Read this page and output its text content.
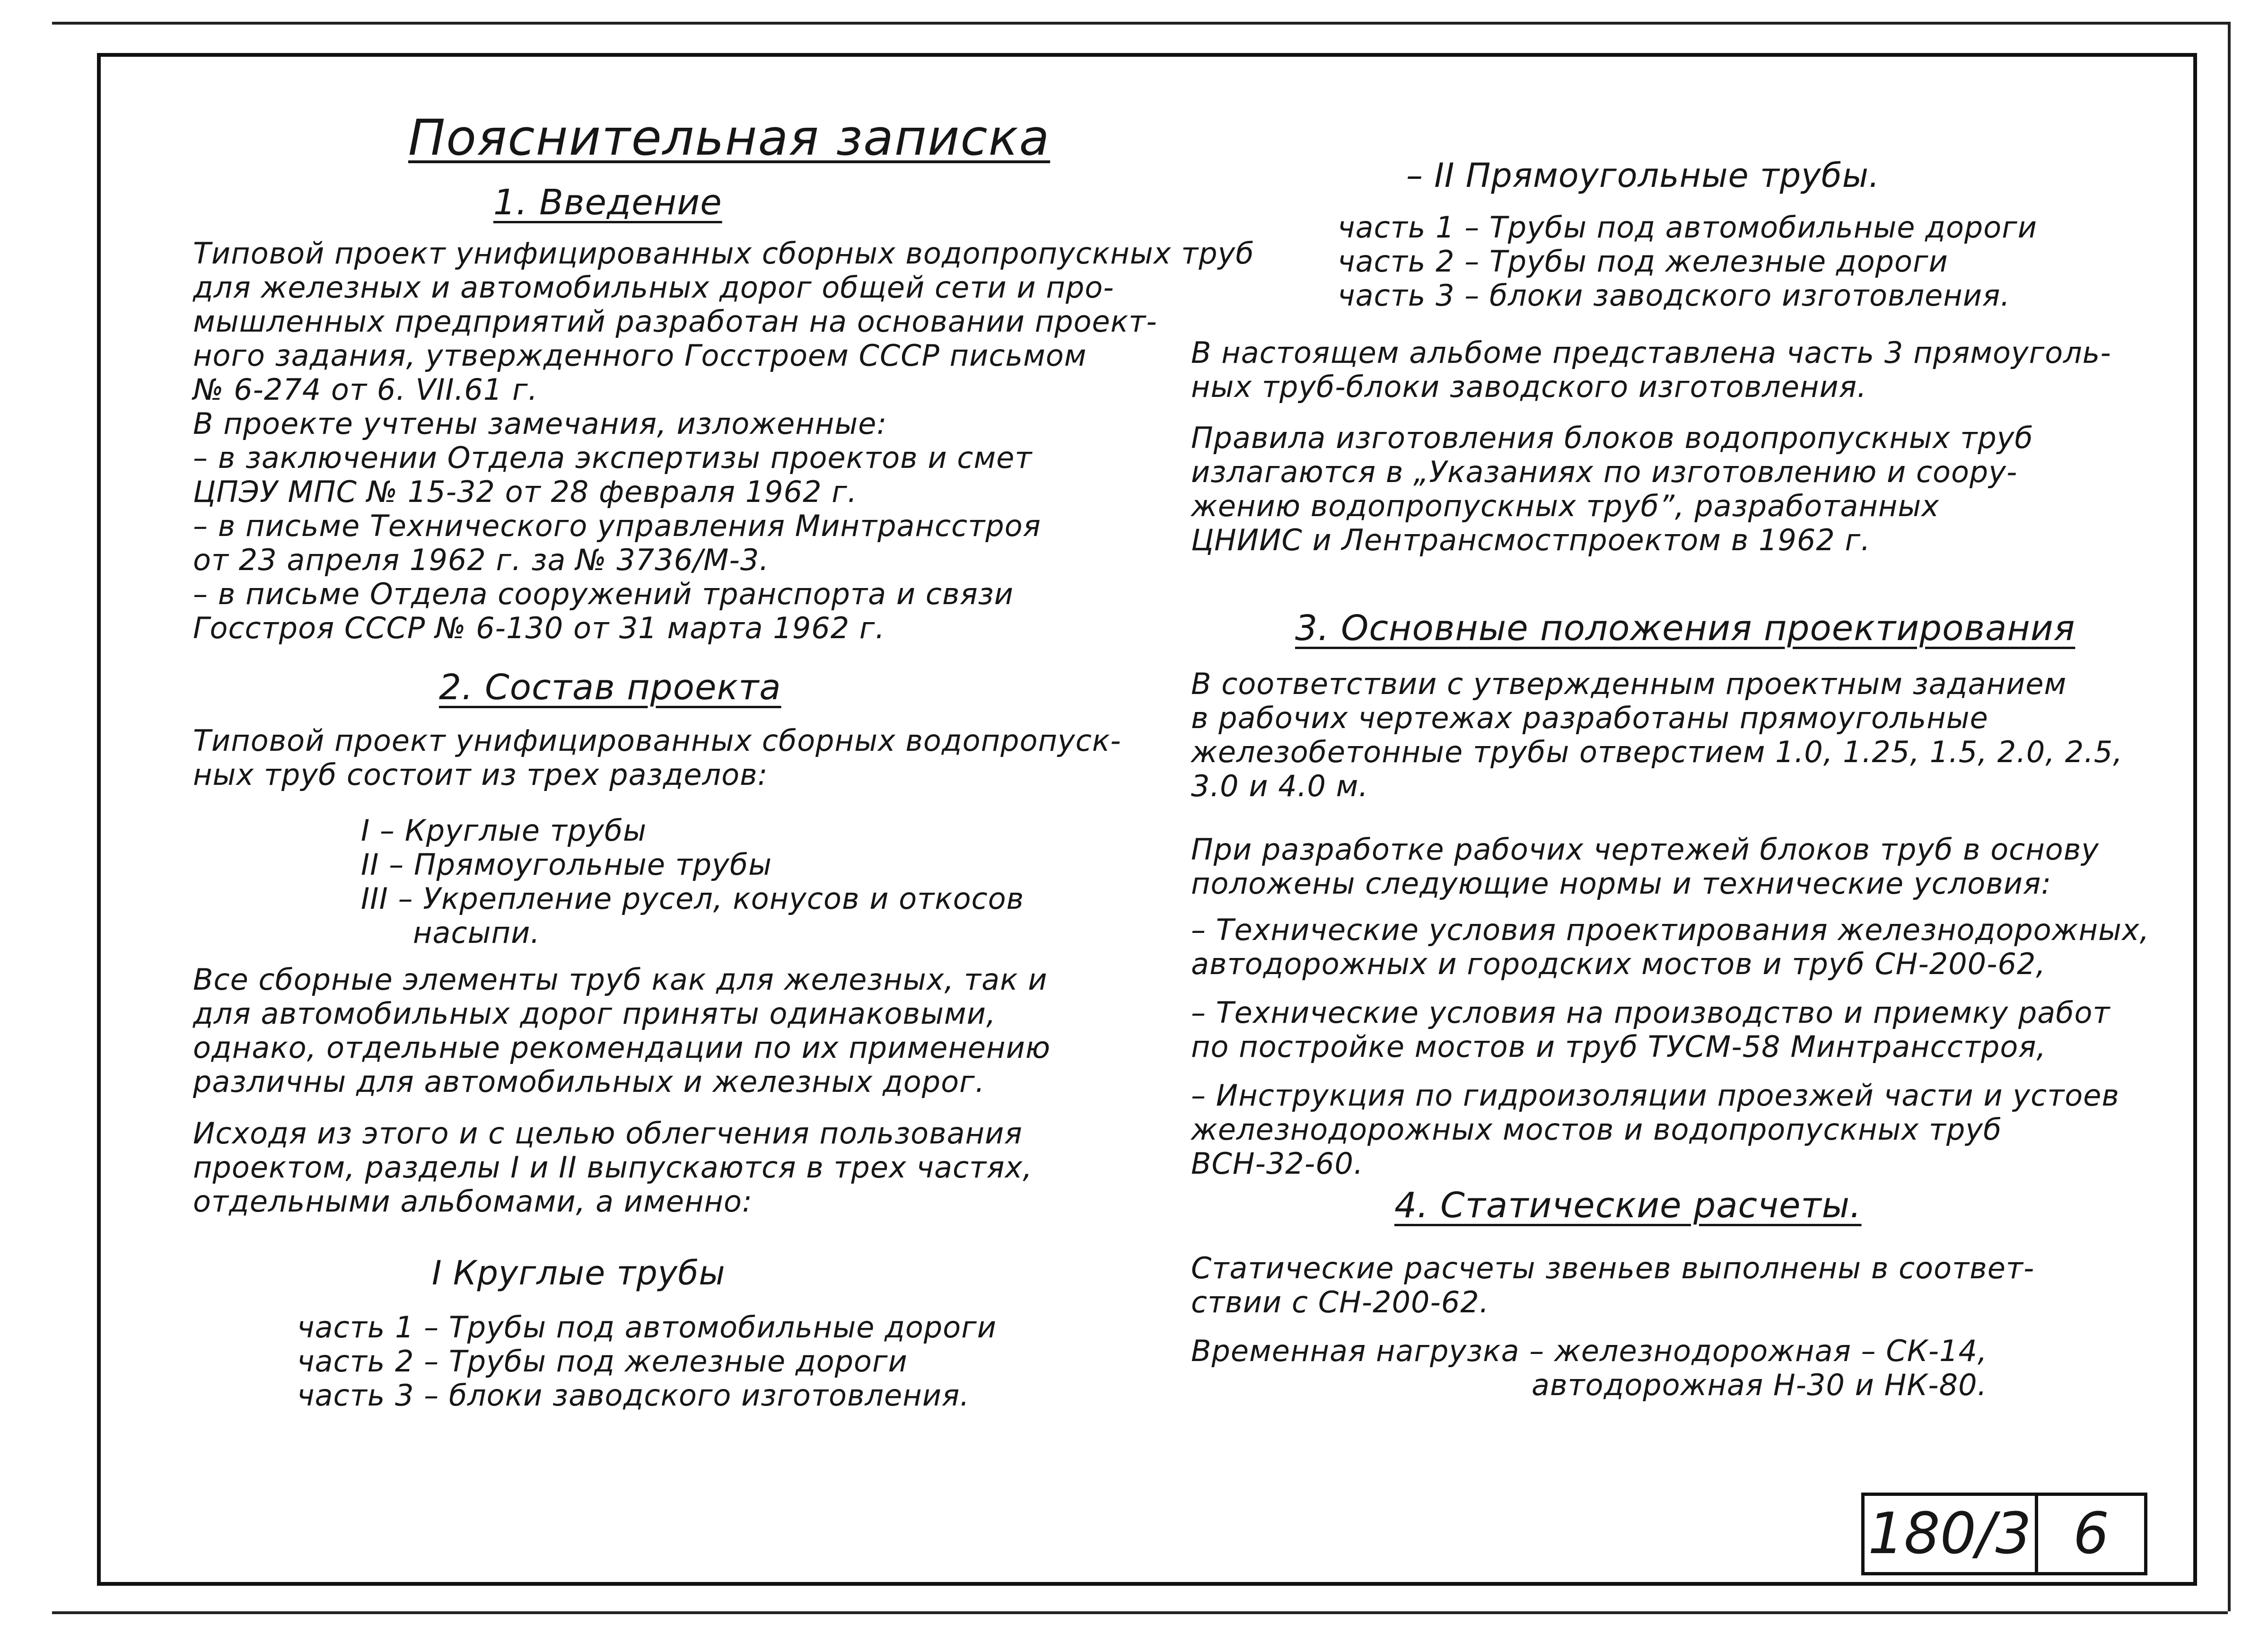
Пояснительная записка
1. Введение
Типовой проект унифицированных сборных водопропускных труб
для железных и автомобильных дорог общей сети и про-
мышленных предприятий разработан на основании проект-
ного задания, утвержденного Госстроем СССР письмом
№ 6-274 от 6. VII.61 г.
В проекте учтены замечания, изложенные:
– в заключении Отдела экспертизы проектов и смет
ЦПЭУ МПС № 15-32 от 28 февраля 1962 г.
– в письме Технического управления Минтрансстроя
от 23 апреля 1962 г. за № 3736/М-3.
– в письме Отдела сооружений транспорта и связи
Госстроя СССР № 6-130 от 31 марта 1962 г.
2. Состав проекта
Типовой проект унифицированных сборных водопропуск-
ных труб состоит из трех разделов:
I – Круглые трубы
II – Прямоугольные трубы
III – Укрепление русел, конусов и откосов
насыпи.
Все сборные элементы труб как для железных, так и
для автомобильных дорог приняты одинаковыми,
однако, отдельные рекомендации по их применению
различны для автомобильных и железных дорог.
Исходя из этого и с целью облегчения пользования
проектом, разделы I и II выпускаются в трех частях,
отдельными альбомами, а именно:
I Круглые трубы
часть 1 – Трубы под автомобильные дороги
часть 2 – Трубы под железные дороги
часть 3 – блоки заводского изготовления.
– II Прямоугольные трубы.
часть 1 – Трубы под автомобильные дороги
часть 2 – Трубы под железные дороги
часть 3 – блоки заводского изготовления.
В настоящем альбоме представлена часть 3 прямоуголь-
ных труб-блоки заводского изготовления.
Правила изготовления блоков водопропускных труб
излагаются в „Указаниях по изготовлению и соору-
жению водопропускных труб”, разработанных
ЦНИИС и Лентрансмостпроектом в 1962 г.
3. Основные положения проектирования
В соответствии с утвержденным проектным заданием
в рабочих чертежах разработаны прямоугольные
железобетонные трубы отверстием 1.0, 1.25, 1.5, 2.0, 2.5,
3.0 и 4.0 м.
При разработке рабочих чертежей блоков труб в основу
положены следующие нормы и технические условия:
– Технические условия проектирования железнодорожных,
автодорожных и городских мостов и труб СН-200-62,
– Технические условия на производство и приемку работ
по постройке мостов и труб ТУСМ-58 Минтрансстроя,
– Инструкция по гидроизоляции проезжей части и устоев
железнодорожных мостов и водопропускных труб
ВСН-32-60.
4. Статические расчеты.
Статические расчеты звеньев выполнены в соответ-
ствии с СН-200-62.
Временная нагрузка – железнодорожная – СК-14,
автодорожная Н-30 и НК-80.
180/3 6
